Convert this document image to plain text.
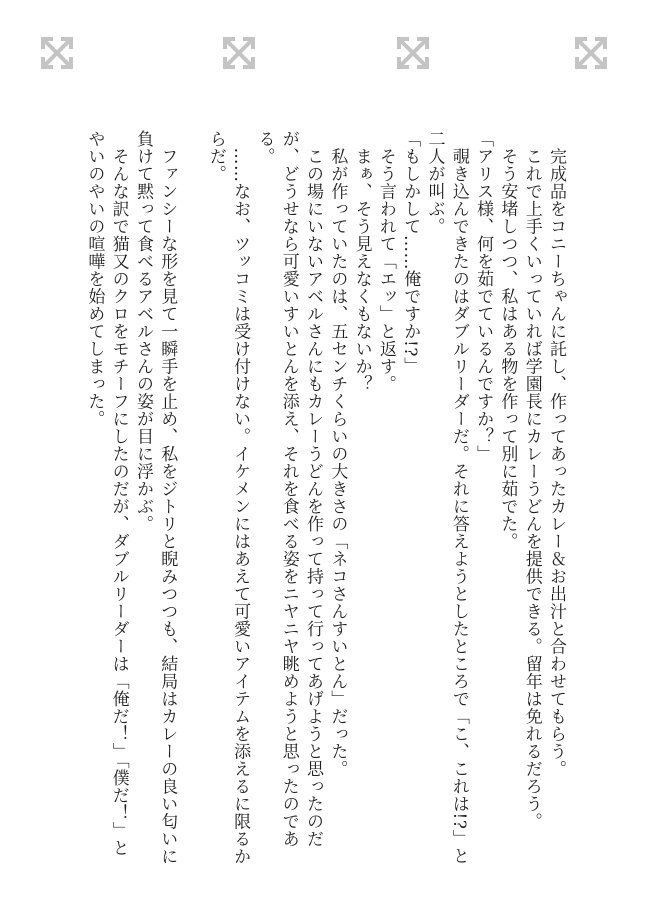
　完成品をコニーちゃんに託し、作ってあったカレー＆お出汁と合わせてもらう。

　これで上手くいっていれば学園長にカレーうどんを提供できる。留年は免れるだろう。

　そう安堵しつつ、私はある物を作って別に茹でた。

「アリス様、何を茹でているんですか？」

　覗き込んできたのはダブルリーダーだ。それに答えようとしたところで「こ、これは!?」と二人が叫ぶ。

「もしかして……俺ですか!?」

　そう言われて「エッ」と返す。

　まぁ、そう見えなくもないか？

　私が作っていたのは、五センチくらいの大きさの「ネコさんすいとん」だった。

　この場にいないアベルさんにもカレーうどんを作って持って行ってあげようと思ったのだが、どうせなら可愛いすいとんを添え、それを食べる姿をニヤニヤ眺めようと思ったのである。

　……なお、ツッコミは受け付けない。イケメンにはあえて可愛いアイテムを添えるに限るからだ。

　ファンシーな形を見て一瞬手を止め、私をジトリと睨みつつも、結局はカレーの良い匂いに負けて黙って食べるアベルさんの姿が目に浮かぶ。

　そんな訳で猫又のクロをモチーフにしたのだが、ダブルリーダーは「俺だ！」「僕だ！」とやいのやいの喧嘩を始めてしまった。
